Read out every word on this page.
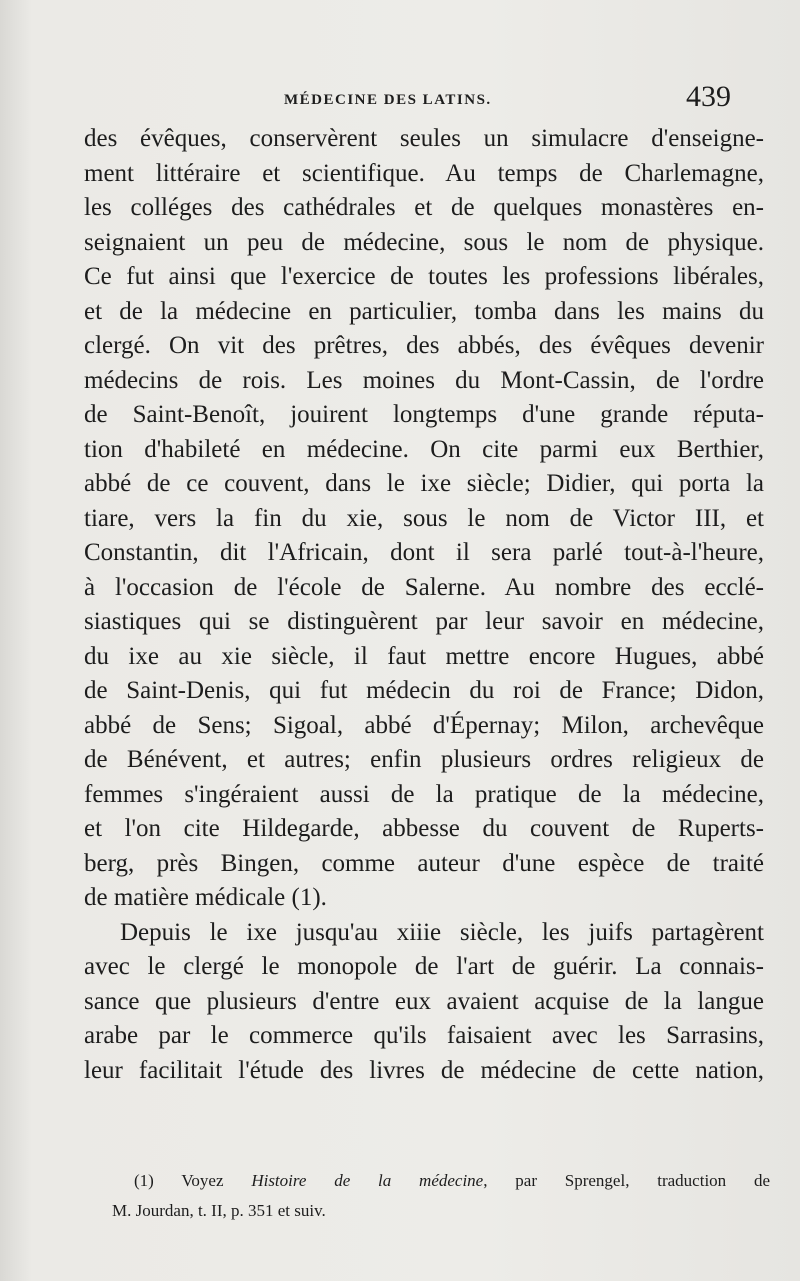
MÉDECINE DES LATINS.	439
des évêques, conservèrent seules un simulacre d'enseigne-
ment littéraire et scientifique. Au temps de Charlemagne,
les colléges des cathédrales et de quelques monastères en-
seignaient un peu de médecine, sous le nom de physique.
Ce fut ainsi que l'exercice de toutes les professions libérales,
et de la médecine en particulier, tomba dans les mains du
clergé. On vit des prêtres, des abbés, des évêques devenir
médecins de rois. Les moines du Mont-Cassin, de l'ordre
de Saint-Benoît, jouirent longtemps d'une grande réputa-
tion d'habileté en médecine. On cite parmi eux Berthier,
abbé de ce couvent, dans le ixe siècle; Didier, qui porta la
tiare, vers la fin du xie, sous le nom de Victor III, et
Constantin, dit l'Africain, dont il sera parlé tout-à-l'heure,
à l'occasion de l'école de Salerne. Au nombre des ecclé-
siastiques qui se distinguèrent par leur savoir en médecine,
du ixe au xie siècle, il faut mettre encore Hugues, abbé
de Saint-Denis, qui fut médecin du roi de France; Didon,
abbé de Sens; Sigoal, abbé d'Épernay; Milon, archevêque
de Bénévent, et autres; enfin plusieurs ordres religieux de
femmes s'ingéraient aussi de la pratique de la médecine,
et l'on cite Hildegarde, abbesse du couvent de Ruperts-
berg, près Bingen, comme auteur d'une espèce de traité
de matière médicale (1).
Depuis le ixe jusqu'au xiiie siècle, les juifs partagèrent
avec le clergé le monopole de l'art de guérir. La connais-
sance que plusieurs d'entre eux avaient acquise de la langue
arabe par le commerce qu'ils faisaient avec les Sarrasins,
leur facilitait l'étude des livres de médecine de cette nation,
(1) Voyez Histoire de la médecine, par Sprengel, traduction de
M. Jourdan, t. II, p. 351 et suiv.
